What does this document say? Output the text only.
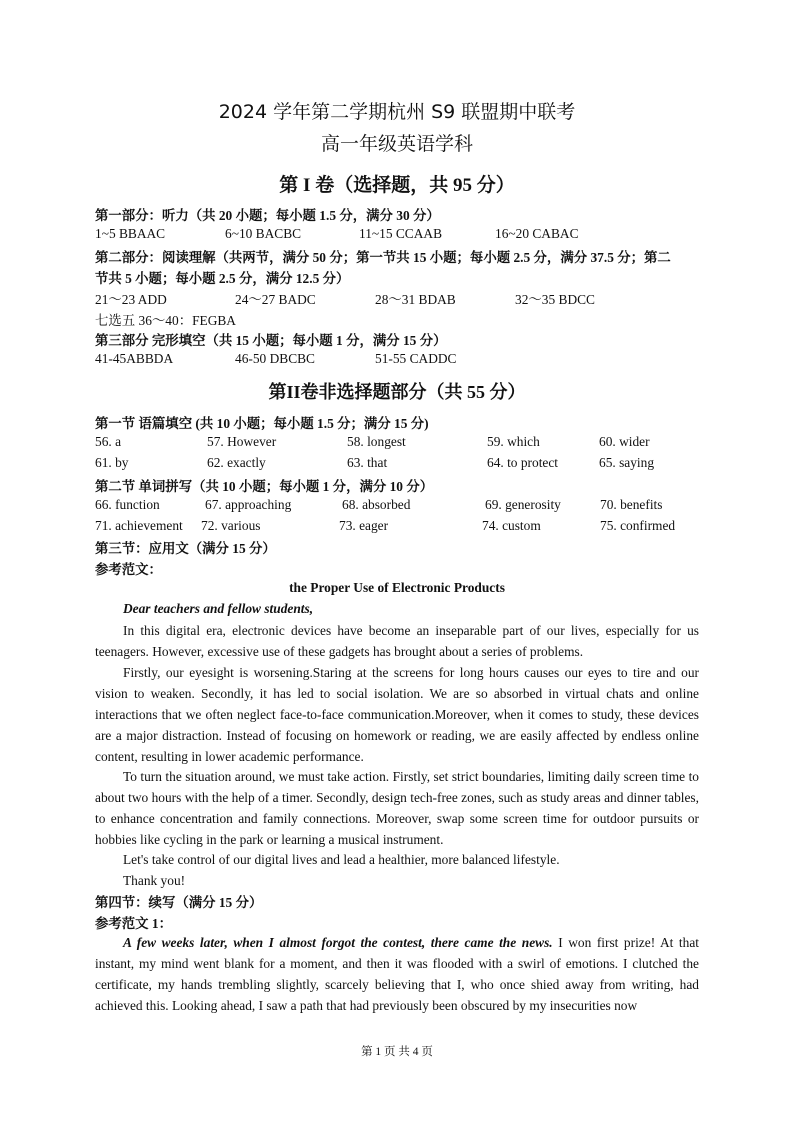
2024 学年第二学期杭州 S9 联盟期中联考
高一年级英语学科
第 I 卷（选择题，共 95 分）
第一部分：听力（共 20 小题；每小题 1.5 分，满分 30 分）
1~5 BBAAC	6~10 BACBC	11~15 CCAAB	16~20 CABAC
第二部分：阅读理解（共两节，满分 50 分；第一节共 15 小题；每小题 2.5 分，满分 37.5 分；第二
节共 5 小题；每小题 2.5 分，满分 12.5 分）
21～23 ADD	24～27 BADC	28～31 BDAB	32～35 BDCC
七选五 36～40：FEGBA
第三部分 完形填空（共 15 小题；每小题 1 分，满分 15 分）
41-45ABBDA	46-50 DBCBC	51-55 CADDC
第II卷非选择题部分（共 55 分）
第一节 语篇填空 (共 10 小题；每小题 1.5 分；满分 15 分)
56. a	57. However	58. longest	59. which	60. wider
61. by	62. exactly	63. that	64. to protect	65. saying
第二节 单词拼写（共 10 小题；每小题 1 分，满分 10 分）
66. function	67. approaching	68. absorbed	69. generosity	70. benefits
71. achievement 72. various	73. eager	74. custom	75. confirmed
第三节：应用文（满分 15 分）
参考范文：
the Proper Use of Electronic Products
Dear teachers and fellow students,
In this digital era, electronic devices have become an inseparable part of our lives, especially for us teenagers. However, excessive use of these gadgets has brought about a series of problems.
Firstly, our eyesight is worsening.Staring at the screens for long hours causes our eyes to tire and our vision to weaken. Secondly, it has led to social isolation. We are so absorbed in virtual chats and online interactions that we often neglect face-to-face communication.Moreover, when it comes to study, these devices are a major distraction. Instead of focusing on homework or reading, we are easily affected by endless online content, resulting in lower academic performance.
To turn the situation around, we must take action. Firstly, set strict boundaries, limiting daily screen time to about two hours with the help of a timer. Secondly, design tech-free zones, such as study areas and dinner tables, to enhance concentration and family connections. Moreover, swap some screen time for outdoor pursuits or hobbies like cycling in the park or learning a musical instrument.
Let's take control of our digital lives and lead a healthier, more balanced lifestyle.
Thank you!
第四节：续写（满分 15 分）
参考范文 1：
A few weeks later, when I almost forgot the contest, there came the news. I won first prize! At that instant, my mind went blank for a moment, and then it was flooded with a swirl of emotions. I clutched the certificate, my hands trembling slightly, scarcely believing that I, who once shied away from writing, had achieved this. Looking ahead, I saw a path that had previously been obscured by my insecurities now
第 1 页 共 4 页
